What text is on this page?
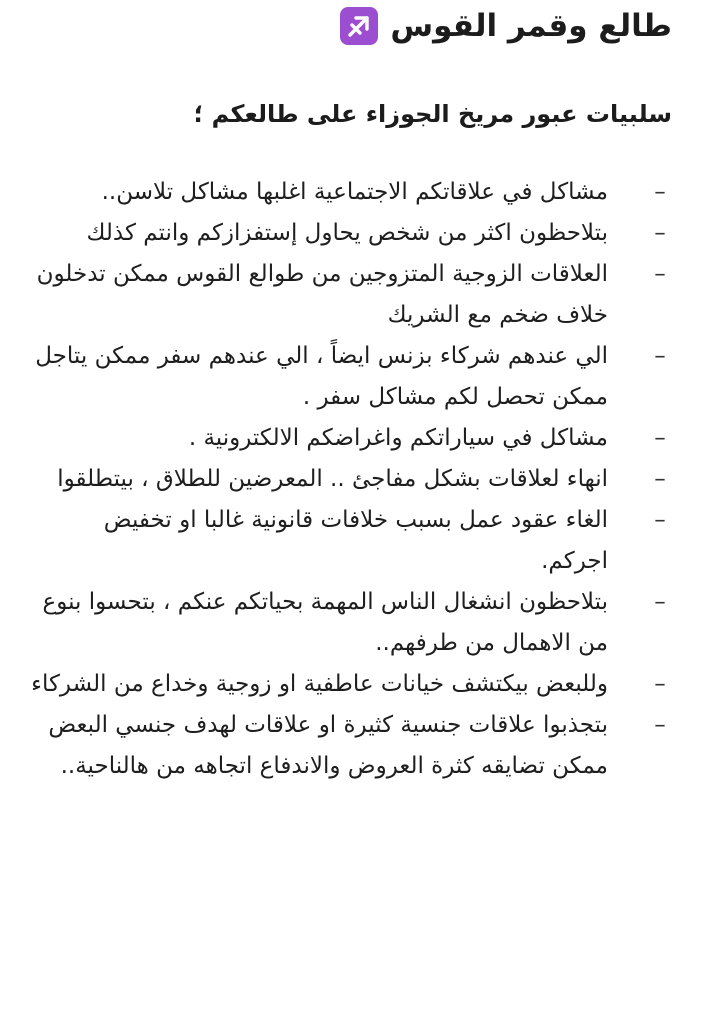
طالع وقمر القوس
سلبيات عبور مريخ الجوزاء على طالعكم ؛
–
مشاكل في علاقاتكم الاجتماعية اغلبها مشاكل تلاسن..
–
بتلاحظون اكثر من شخص يحاول إستفزازكم وانتم كذلك
–
العلاقات الزوجية المتزوجين من طوالع القوس ممكن تدخلون خلاف ضخم مع الشريك
–
الي عندهم شركاء بزنس ايضاً ، الي عندهم سفر ممكن يتاجل ممكن تحصل لكم مشاكل سفر .
–
مشاكل في سياراتكم واغراضكم الالكترونية .
–
انهاء لعلاقات بشكل مفاجئ .. المعرضين للطلاق ، بيتطلقوا
–
الغاء عقود عمل بسبب خلافات قانونية غالبا او تخفيض اجركم.
–
بتلاحظون انشغال الناس المهمة بحياتكم عنكم ، بتحسوا بنوع من الاهمال من طرفهم..
–
وللبعض بيكتشف خيانات عاطفية او زوجية وخداع من الشركاء
–
بتجذبوا علاقات جنسية كثيرة او علاقات لهدف جنسي البعض ممكن تضايقه كثرة العروض والاندفاع اتجاهه من هالناحية..
